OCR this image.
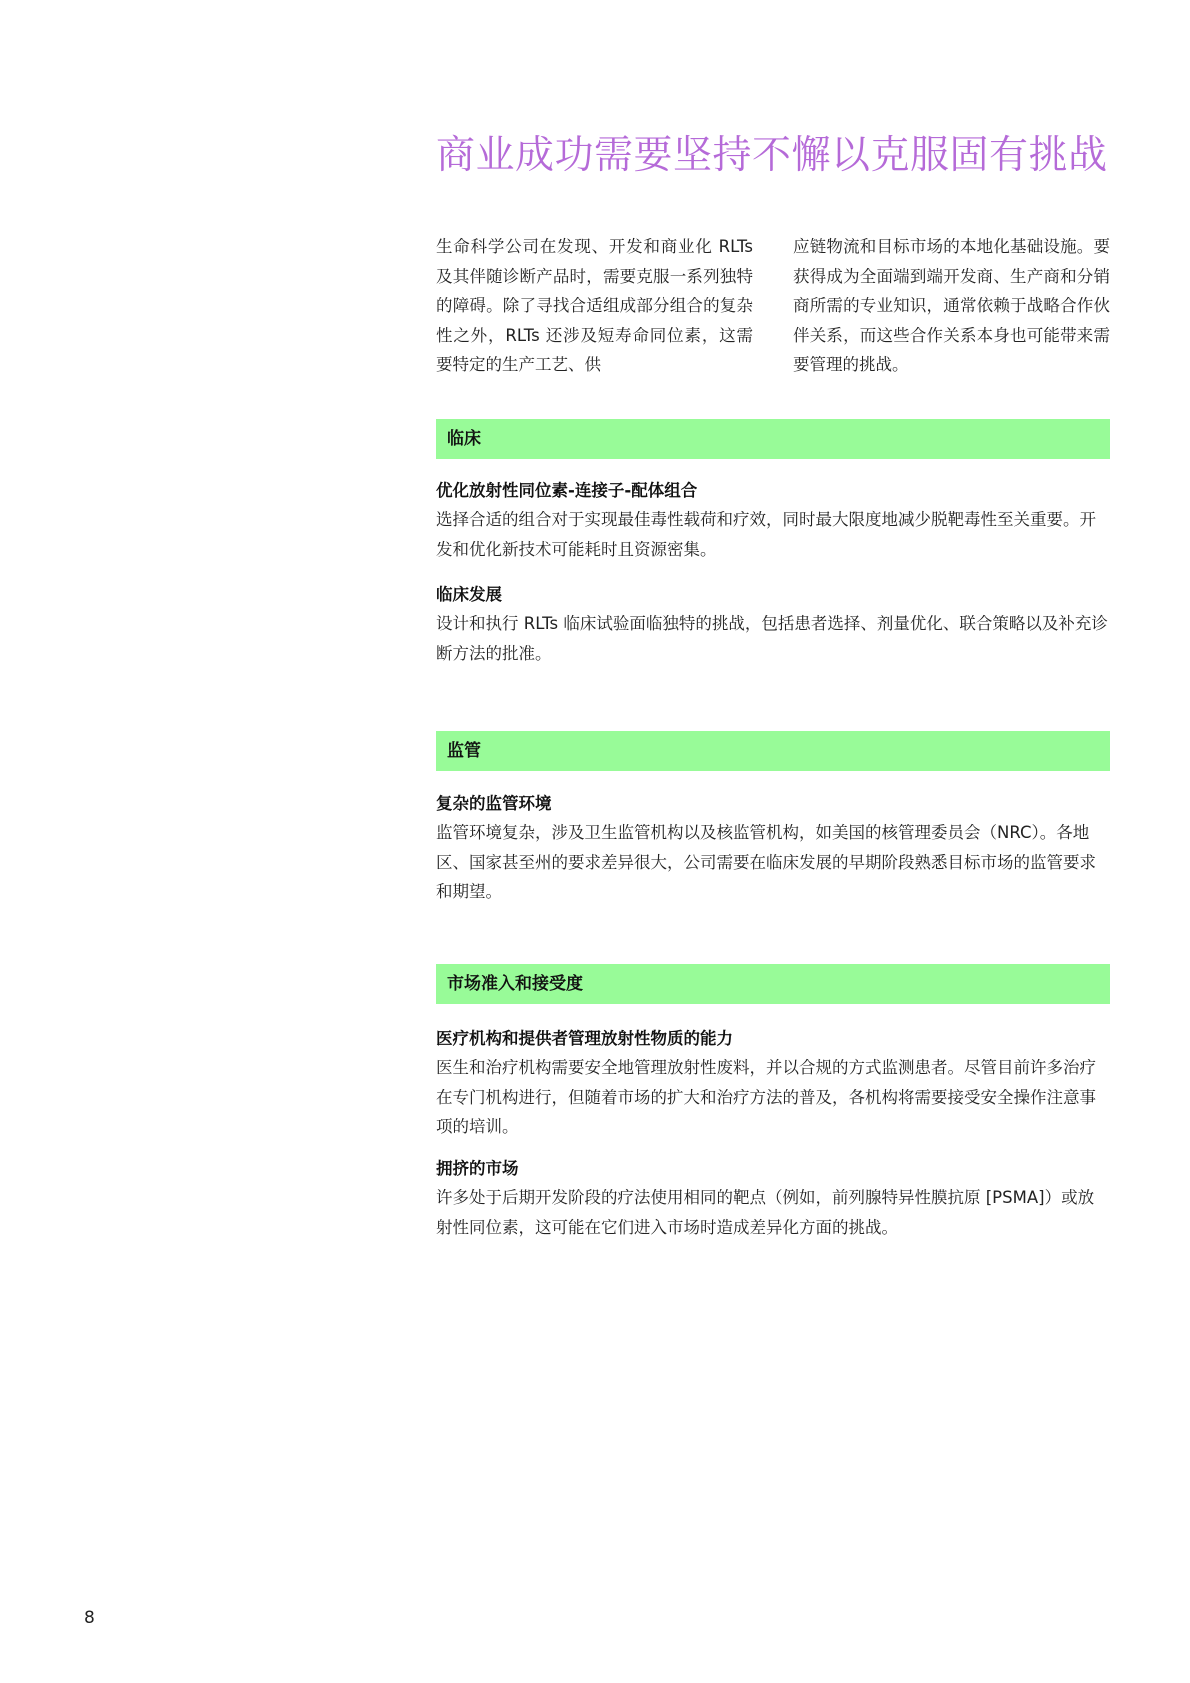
商业成功需要坚持不懈以克服固有挑战
生命科学公司在发现、开发和商业化 RLTs 及其伴随诊断产品时，需要克服一系列独特的障碍。除了寻找合适组成部分组合的复杂性之外，RLTs 还涉及短寿命同位素，这需要特定的生产工艺、供
应链物流和目标市场的本地化基础设施。要获得成为全面端到端开发商、生产商和分销商所需的专业知识，通常依赖于战略合作伙伴关系，而这些合作关系本身也可能带来需要管理的挑战。
临床
优化放射性同位素-连接子-配体组合
选择合适的组合对于实现最佳毒性载荷和疗效，同时最大限度地减少脱靶毒性至关重要。开发和优化新技术可能耗时且资源密集。
临床发展
设计和执行 RLTs 临床试验面临独特的挑战，包括患者选择、剂量优化、联合策略以及补充诊断方法的批准。
监管
复杂的监管环境
监管环境复杂，涉及卫生监管机构以及核监管机构，如美国的核管理委员会（NRC）。各地区、国家甚至州的要求差异很大，公司需要在临床发展的早期阶段熟悉目标市场的监管要求和期望。
市场准入和接受度
医疗机构和提供者管理放射性物质的能力
医生和治疗机构需要安全地管理放射性废料，并以合规的方式监测患者。尽管目前许多治疗在专门机构进行，但随着市场的扩大和治疗方法的普及，各机构将需要接受安全操作注意事项的培训。
拥挤的市场
许多处于后期开发阶段的疗法使用相同的靶点（例如，前列腺特异性膜抗原 [PSMA]）或放射性同位素，这可能在它们进入市场时造成差异化方面的挑战。
8
